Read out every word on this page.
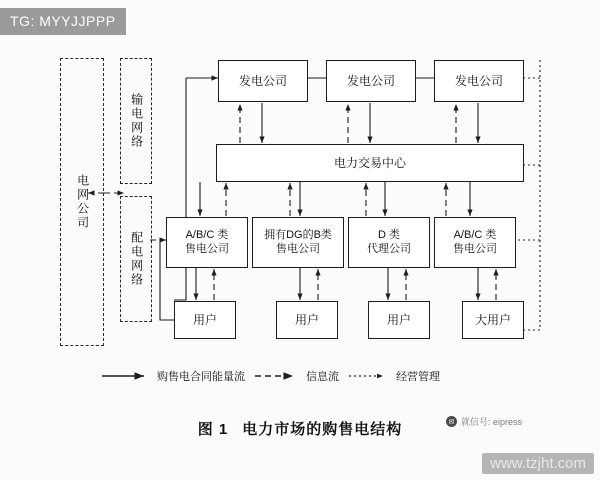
TG: MYYJJPPP
电网公司
输电网络
配电网络
发电公司	发电公司	发电公司
电力交易中心
A/B/C 类
售电公司
拥有DG的B类
售电公司
D 类
代理公司
A/B/C 类
售电公司
用户	用户	用户	大用户
购售电合同能量流	信息流	经营管理
图 1 电力市场的购售电结构	✉ 就信号: eipress
www.tzjht.com
